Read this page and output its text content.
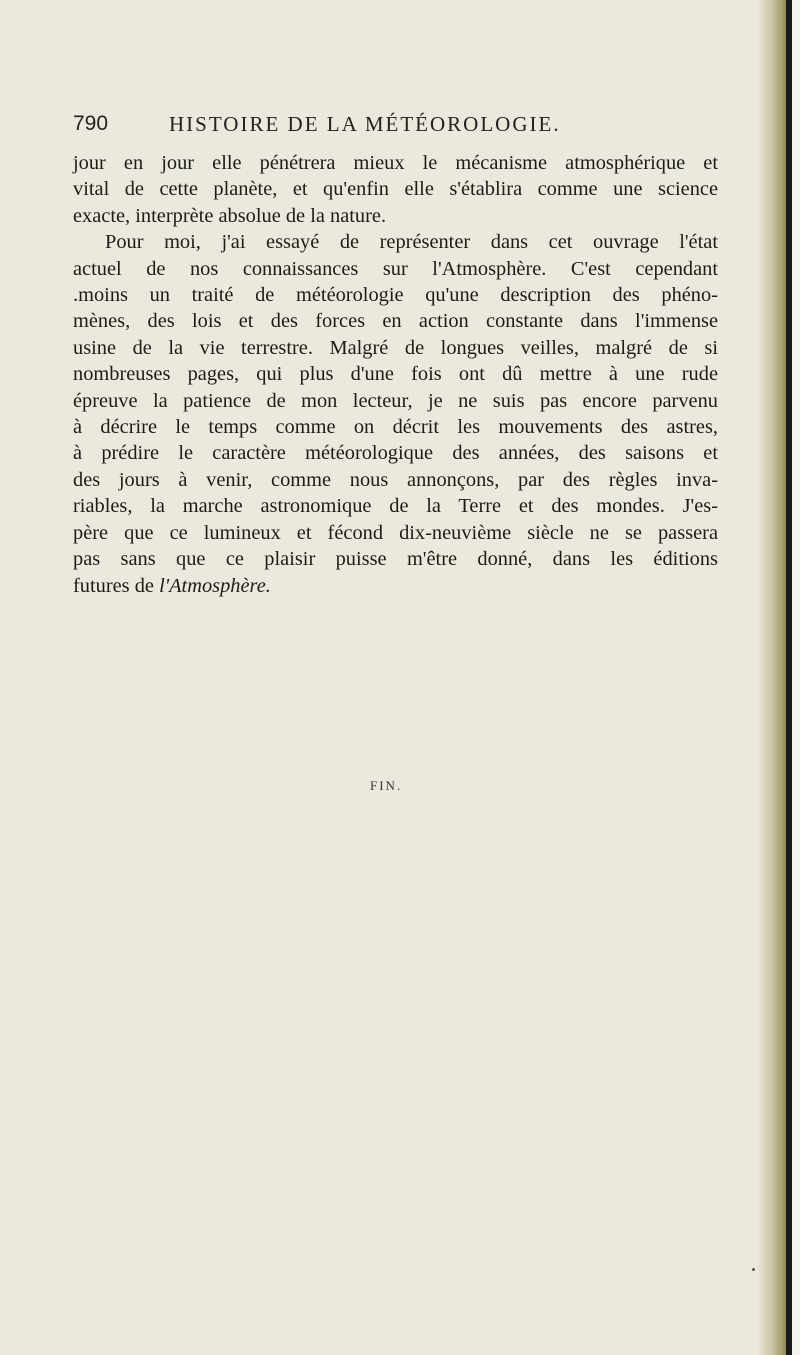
790	HISTOIRE DE LA MÉTÉOROLOGIE.
jour en jour elle pénétrera mieux le mécanisme atmosphérique et
vital de cette planète, et qu'enfin elle s'établira comme une science
exacte, interprète absolue de la nature.
Pour moi, j'ai essayé de représenter dans cet ouvrage l'état
actuel de nos connaissances sur l'Atmosphère. C'est cependant
.moins un traité de météorologie qu'une description des phéno-
mènes, des lois et des forces en action constante dans l'immense
usine de la vie terrestre. Malgré de longues veilles, malgré de si
nombreuses pages, qui plus d'une fois ont dû mettre à une rude
épreuve la patience de mon lecteur, je ne suis pas encore parvenu
à décrire le temps comme on décrit les mouvements des astres,
à prédire le caractère météorologique des années, des saisons et
des jours à venir, comme nous annonçons, par des règles inva-
riables, la marche astronomique de la Terre et des mondes. J'es-
père que ce lumineux et fécond dix-neuvième siècle ne se passera
pas sans que ce plaisir puisse m'être donné, dans les éditions
futures de l'Atmosphère.
FIN.
